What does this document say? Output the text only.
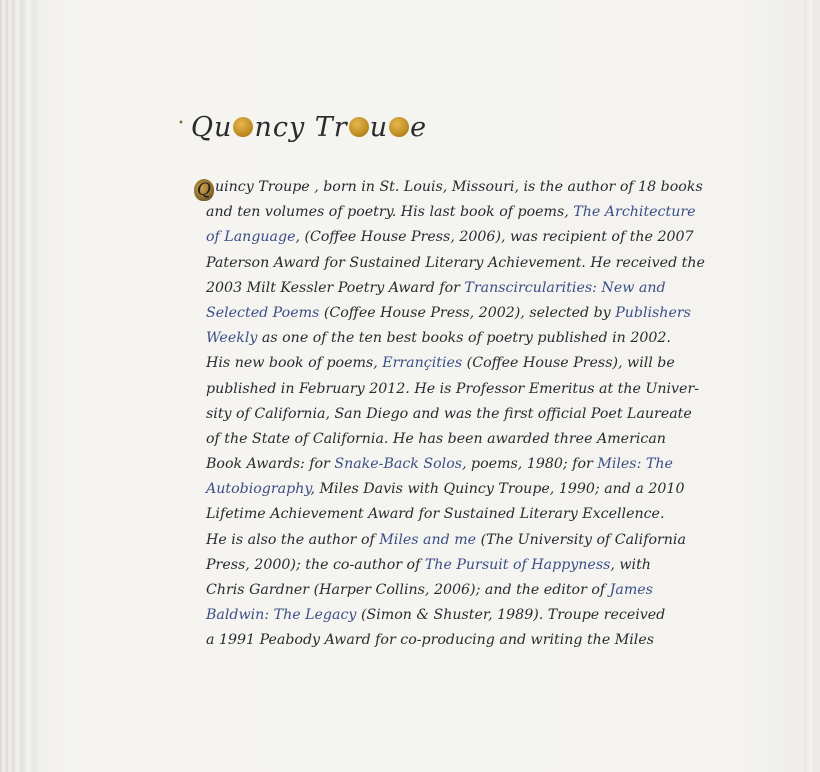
• Qu ncy Tr u e
Q uincy Troupe , born in St. Louis, Missouri, is the author of 18 books
and ten volumes of poetry. His last book of poems, The Architecture
of Language, (Coffee House Press, 2006), was recipient of the 2007
Paterson Award for Sustained Literary Achievement. He received the
2003 Milt Kessler Poetry Award for Transcircularities: New and
Selected Poems (Coffee House Press, 2002), selected by Publishers
Weekly as one of the ten best books of poetry published in 2002.
His new book of poems, Errançities (Coffee House Press), will be
published in February 2012. He is Professor Emeritus at the Univer-
sity of California, San Diego and was the first official Poet Laureate
of the State of California. He has been awarded three American
Book Awards: for Snake-Back Solos, poems, 1980; for Miles: The
Autobiography, Miles Davis with Quincy Troupe, 1990; and a 2010
Lifetime Achievement Award for Sustained Literary Excellence.
He is also the author of Miles and me (The University of California
Press, 2000); the co-author of The Pursuit of Happyness, with
Chris Gardner (Harper Collins, 2006); and the editor of James
Baldwin: The Legacy (Simon & Shuster, 1989). Troupe received
a 1991 Peabody Award for co-producing and writing the Miles
